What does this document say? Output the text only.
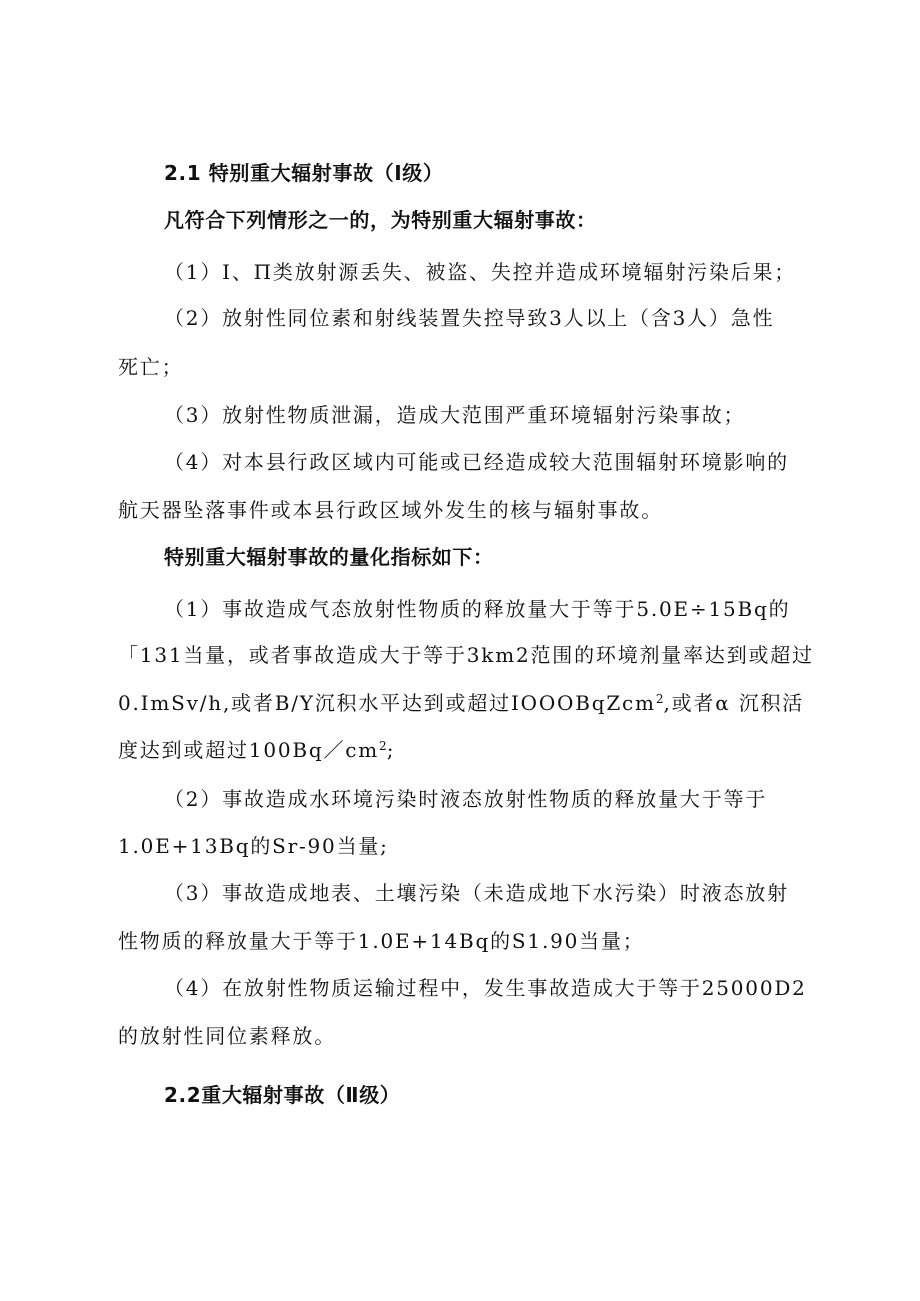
2.1 特别重大辐射事故（Ⅰ级）
凡符合下列情形之一的，为特别重大辐射事故：
（1）Ⅰ、Π类放射源丢失、被盗、失控并造成环境辐射污染后果；
（2）放射性同位素和射线装置失控导致3人以上（含3人）急性
死亡；
（3）放射性物质泄漏，造成大范围严重环境辐射污染事故；
（4）对本县行政区域内可能或已经造成较大范围辐射环境影响的
航天器坠落事件或本县行政区域外发生的核与辐射事故。
特别重大辐射事故的量化指标如下：
（1）事故造成气态放射性物质的释放量大于等于5.0E÷15Bq的
「131当量，或者事故造成大于等于3km2范围的环境剂量率达到或超过
0.ImSv/h,或者B/Y沉积水平达到或超过IOOOBqZcm$^2$,或者α 沉积活
度达到或超过$100Bq/cm^2$;
（2）事故造成水环境污染时液态放射性物质的释放量大于等于
1.0E+13Bq的Sr-90当量;
（3）事故造成地表、土壤污染（未造成地下水污染）时液态放射
性物质的释放量大于等于1.0E+14Bq的S1.90当量；
（4）在放射性物质运输过程中，发生事故造成大于等于25000D2
的放射性同位素释放。
2.2重大辐射事故（Ⅱ级）
